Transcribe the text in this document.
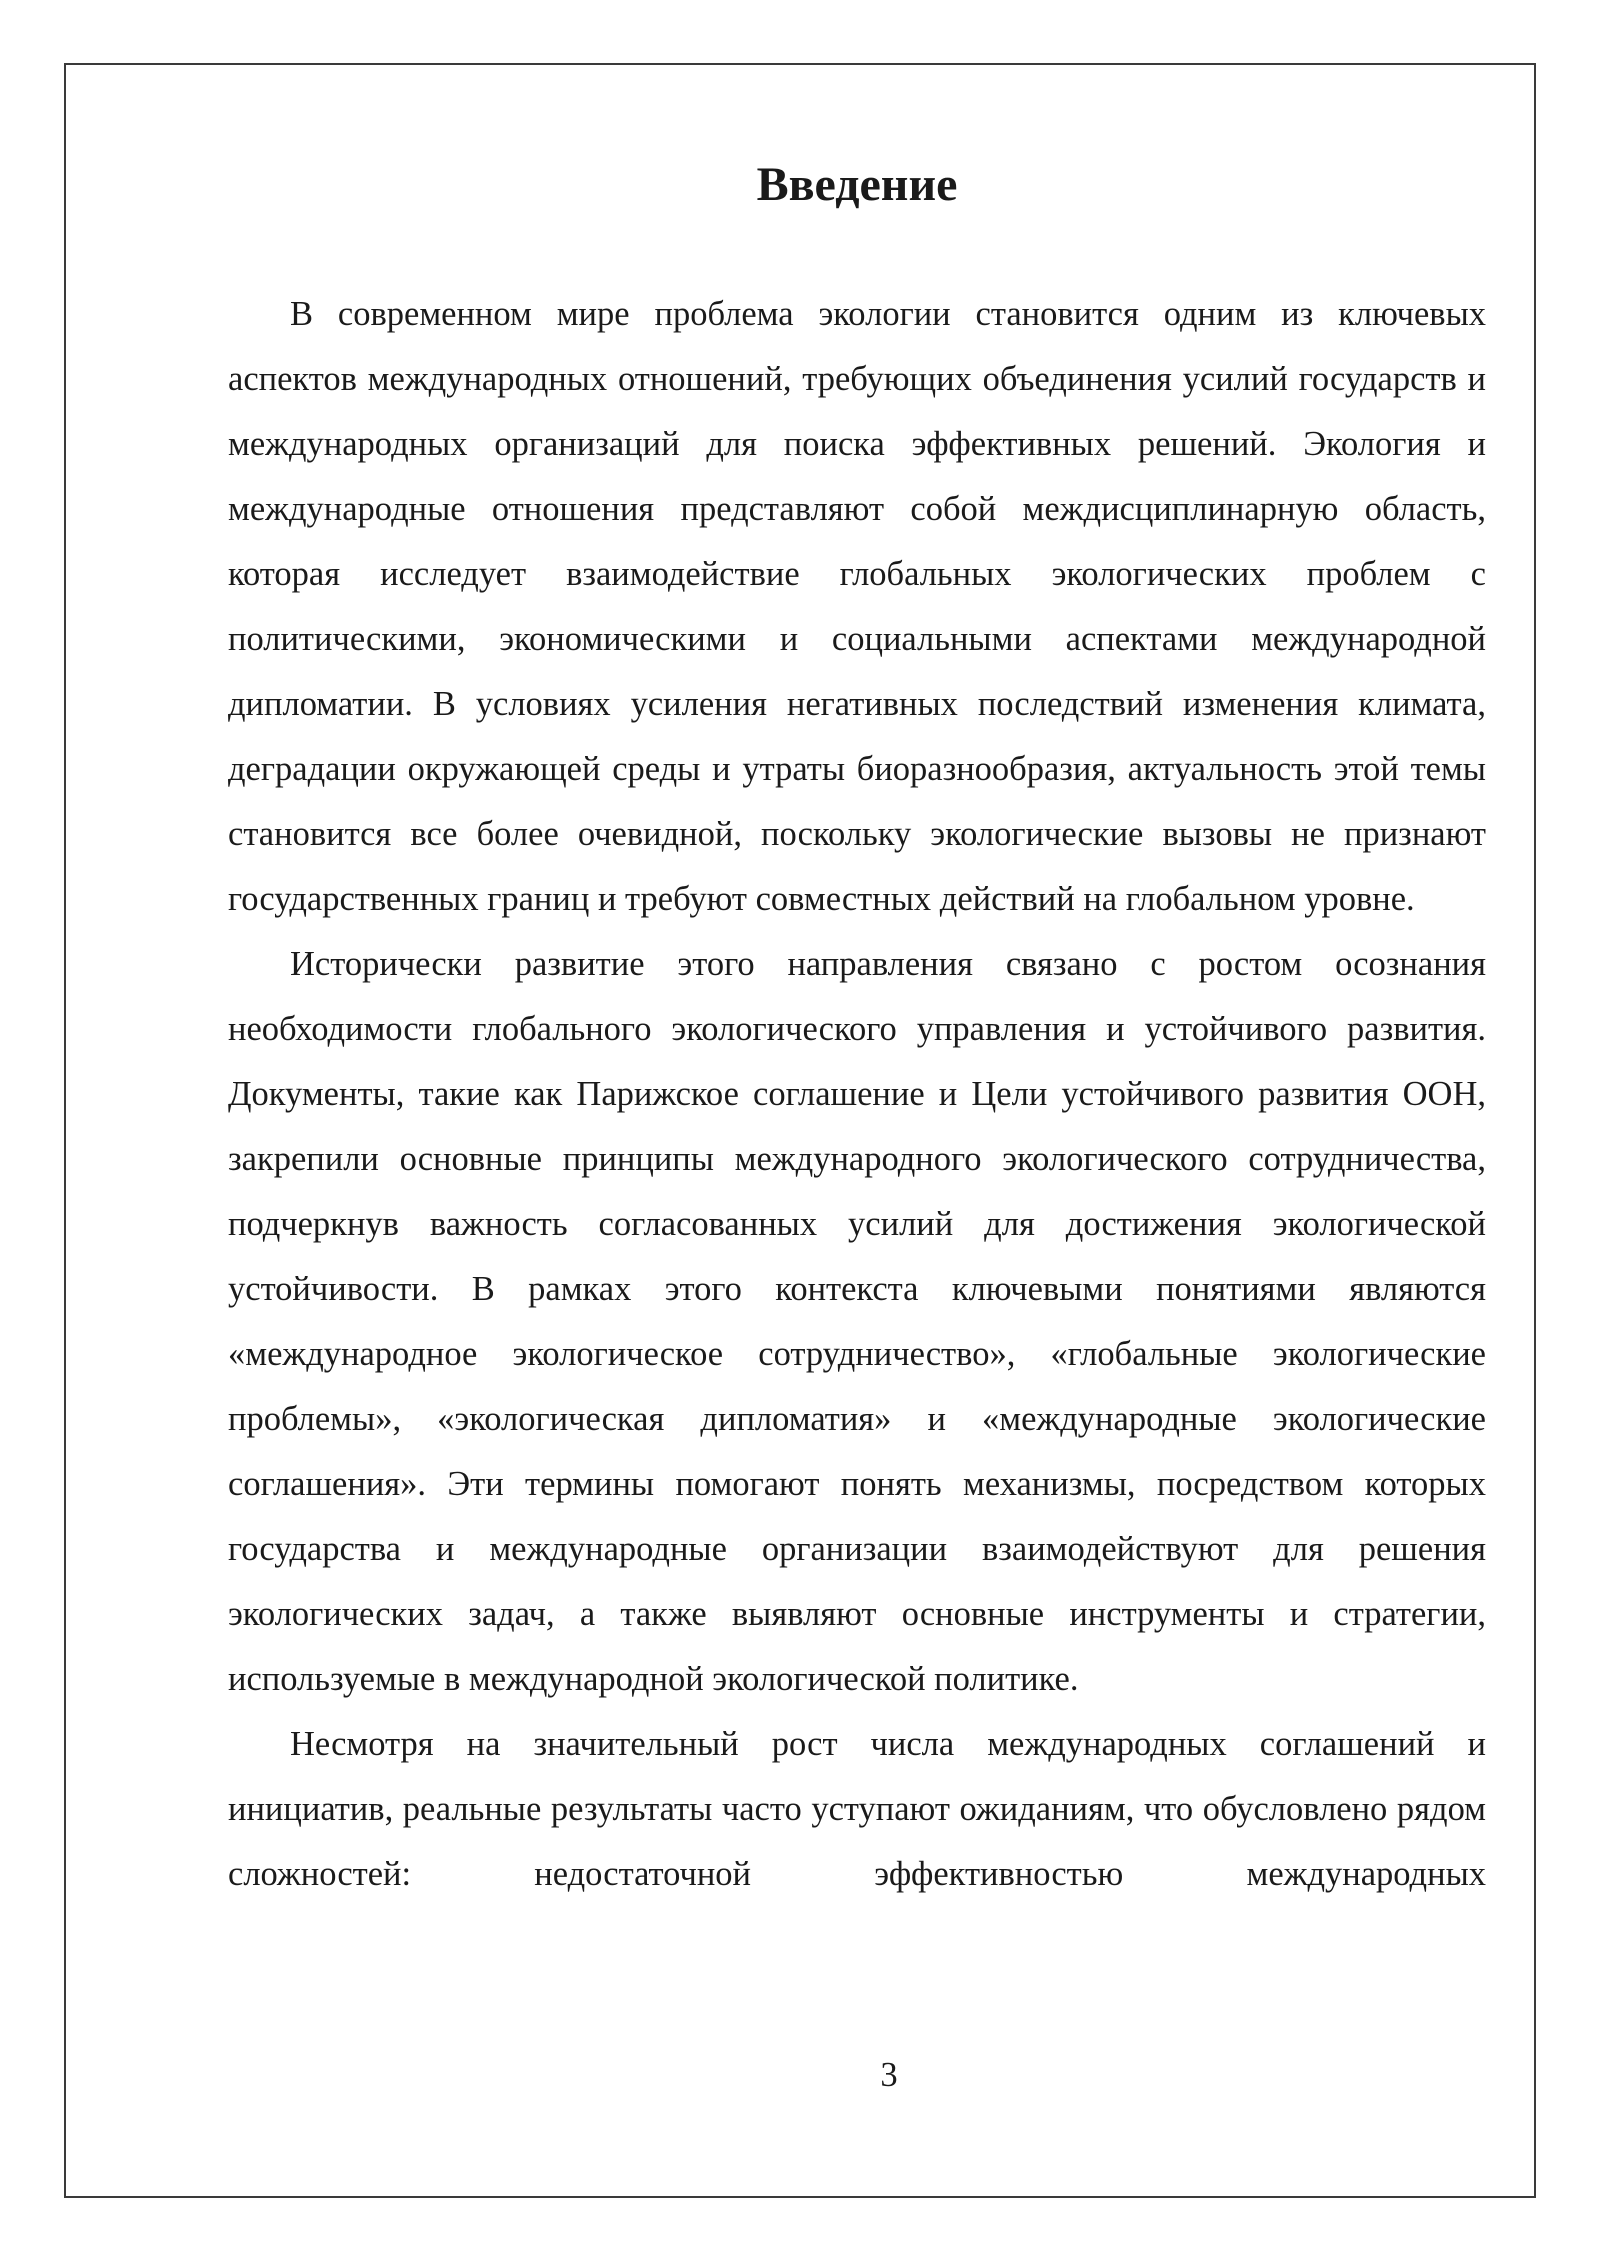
Введение

В современном мире проблема экологии становится одним из ключевых аспектов международных отношений, требующих объединения усилий государств и международных организаций для поиска эффективных решений. Экология и международные отношения представляют собой междисциплинарную область, которая исследует взаимодействие глобальных экологических проблем с политическими, экономическими и социальными аспектами международной дипломатии. В условиях усиления негативных последствий изменения климата, деградации окружающей среды и утраты биоразнообразия, актуальность этой темы становится все более очевидной, поскольку экологические вызовы не признают государственных границ и требуют совместных действий на глобальном уровне.

Исторически развитие этого направления связано с ростом осознания необходимости глобального экологического управления и устойчивого развития. Документы, такие как Парижское соглашение и Цели устойчивого развития ООН, закрепили основные принципы международного экологического сотрудничества, подчеркнув важность согласованных усилий для достижения экологической устойчивости. В рамках этого контекста ключевыми понятиями являются «международное экологическое сотрудничество», «глобальные экологические проблемы», «экологическая дипломатия» и «международные экологические соглашения». Эти термины помогают понять механизмы, посредством которых государства и международные организации взаимодействуют для решения экологических задач, а также выявляют основные инструменты и стратегии, используемые в международной экологической политике.

Несмотря на значительный рост числа международных соглашений и инициатив, реальные результаты часто уступают ожиданиям, что обусловлено рядом сложностей: недостаточной эффективностью международных

3
